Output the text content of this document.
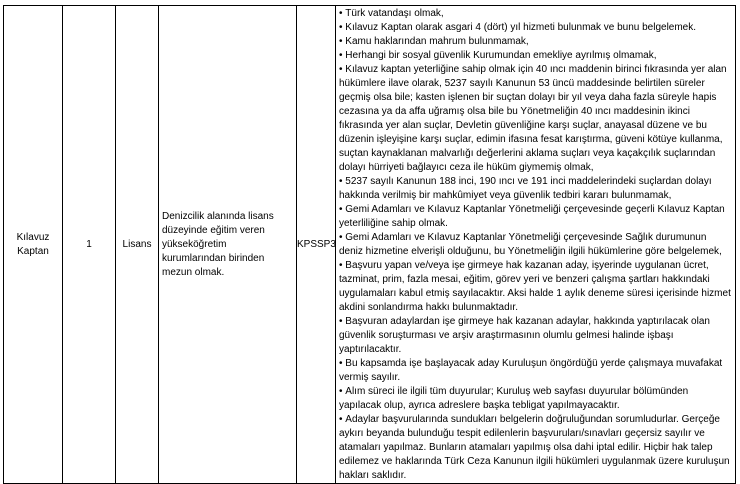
Kılavuz Kaptan	1	Lisans	Denizcilik alanında lisans düzeyinde eğitim veren yükseköğretim kurumlarından birinden mezun olmak.	KPSSP3	
• Türk vatandaşı olmak,
• Kılavuz Kaptan olarak asgari 4 (dört) yıl hizmeti bulunmak ve bunu belgelemek.
• Kamu haklarından mahrum bulunmamak,
• Herhangi bir sosyal güvenlik Kurumundan emekliye ayrılmış olmamak,
• Kılavuz kaptan yeterliğine sahip olmak için 40 ıncı maddenin birinci fıkrasında yer alan hükümlere ilave olarak, 5237 sayılı Kanunun 53 üncü maddesinde belirtilen süreler geçmiş olsa bile; kasten işlenen bir suçtan dolayı bir yıl veya daha fazla süreyle hapis cezasına ya da affa uğramış olsa bile bu Yönetmeliğin 40 ıncı maddesinin ikinci fıkrasında yer alan suçlar, Devletin güvenliğine karşı suçlar, anayasal düzene ve bu düzenin işleyişine karşı suçlar, edimin ifasına fesat karıştırma, güveni kötüye kullanma, suçtan kaynaklanan malvarlığı değerlerini aklama suçları veya kaçakçılık suçlarından dolayı hürriyeti bağlayıcı ceza ile hüküm giymemiş olmak,
• 5237 sayılı Kanunun 188 inci, 190 ıncı ve 191 inci maddelerindeki suçlardan dolayı hakkında verilmiş bir mahkûmiyet veya güvenlik tedbiri kararı bulunmamak,
• Gemi Adamları ve Kılavuz Kaptanlar Yönetmeliği çerçevesinde geçerli Kılavuz Kaptan yeterliliğine sahip olmak.
• Gemi Adamları ve Kılavuz Kaptanlar Yönetmeliği çerçevesinde Sağlık durumunun deniz hizmetine elverişli olduğunu, bu Yönetmeliğin ilgili hükümlerine göre belgelemek,
• Başvuru yapan ve/veya işe girmeye hak kazanan aday, işyerinde uygulanan ücret, tazminat, prim, fazla mesai, eğitim, görev yeri ve benzeri çalışma şartları hakkındaki uygulamaları kabul etmiş sayılacaktır. Aksi halde 1 aylık deneme süresi içerisinde hizmet akdini sonlandırma hakkı bulunmaktadır.
• Başvuran adaylardan işe girmeye hak kazanan adaylar, hakkında yaptırılacak olan güvenlik soruşturması ve arşiv araştırmasının olumlu gelmesi halinde işbaşı yaptırılacaktır.
• Bu kapsamda işe başlayacak aday Kuruluşun öngördüğü yerde çalışmaya muvafakat vermiş sayılır.
• Alım süreci ile ilgili tüm duyurular; Kuruluş web sayfası duyurular bölümünden yapılacak olup, ayrıca adreslere başka tebligat yapılmayacaktır.
• Adaylar başvurularında sundukları belgelerin doğruluğundan sorumludurlar. Gerçeğe aykırı beyanda bulunduğu tespit edilenlerin başvuruları/sınavları geçersiz sayılır ve atamaları yapılmaz. Bunların atamaları yapılmış olsa dahi iptal edilir. Hiçbir hak talep edilemez ve haklarında Türk Ceza Kanunun ilgili hükümleri uygulanmak üzere kuruluşun hakları saklıdır.
